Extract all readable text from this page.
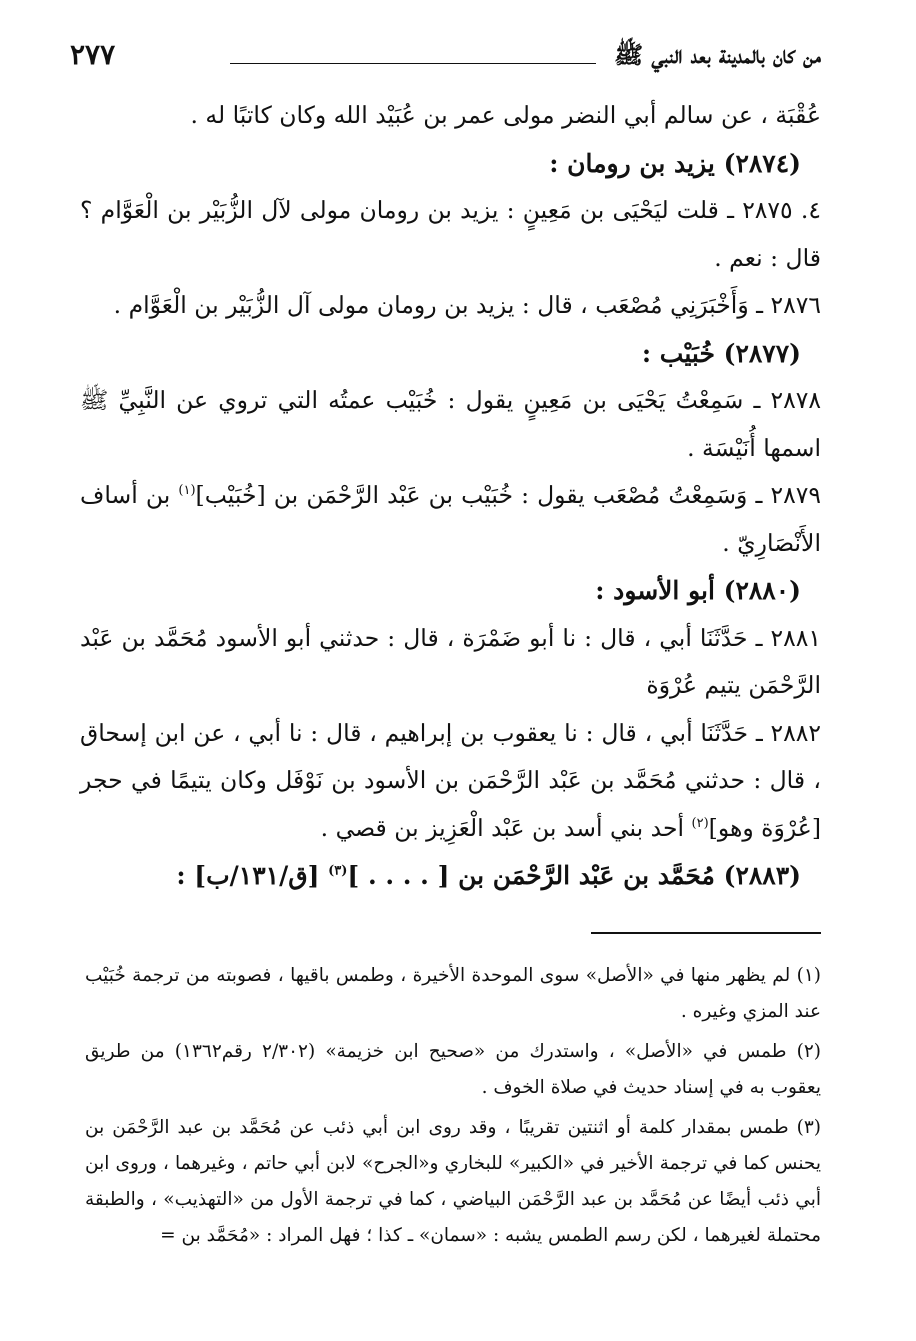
من كان بالمدينة بعد النبي ﷺ
٢٧٧

عُقْبَة ، عن سالم أبي النضر مولى عمر بن عُبَيْد الله وكان كاتبًا له .

(٢٨٧٤) يزيد بن رومان :

٤. ٢٨٧٥ ـ قلت ليَحْيَى بن مَعِينٍ : يزيد بن رومان مولى لآل الزُّبَيْر بن الْعَوَّام ؟ قال : نعم .

٢٨٧٦ ـ وَأَخْبَرَنِي مُصْعَب ، قال : يزيد بن رومان مولى آل الزُّبَيْر بن الْعَوَّام .

(٢٨٧٧) خُبَيْب :

٢٨٧٨ ـ سَمِعْتُ يَحْيَى بن مَعِينٍ يقول : خُبَيْب عمتُه التي تروي عن النَّبِيِّ ﷺ اسمها أُنَيْسَة .

٢٨٧٩ ـ وَسَمِعْتُ مُصْعَب يقول : خُبَيْب بن عَبْد الرَّحْمَن بن [خُبَيْب]$^{(١)}$ بن أساف الأَنْصَارِيّ .

(٢٨٨٠) أبو الأسود :

٢٨٨١ ـ حَدَّثَنَا أبي ، قال : نا أبو ضَمْرَة ، قال : حدثني أبو الأسود مُحَمَّد بن عَبْد الرَّحْمَن يتيم عُرْوَة

٢٨٨٢ ـ حَدَّثَنَا أبي ، قال : نا يعقوب بن إبراهيم ، قال : نا أبي ، عن ابن إسحاق ، قال : حدثني مُحَمَّد بن عَبْد الرَّحْمَن بن الأسود بن نَوْفَل وكان يتيمًا في حجر [عُرْوَة وهو]$^{(٢)}$ أحد بني أسد بن عَبْد الْعَزِيز بن قصي .

(٢٨٨٣) مُحَمَّد بن عَبْد الرَّحْمَن بن [ . . . . ]$^{(٣)}$ [ق/١٣١/ب] :

(١) لم يظهر منها في «الأصل» سوى الموحدة الأخيرة ، وطمس باقيها ، فصوبته من ترجمة خُبَيْب عند المزي وغيره .

(٢) طمس في «الأصل» ، واستدرك من «صحيح ابن خزيمة» (٢/٣٠٢ رقم١٣٦٢) من طريق يعقوب به في إسناد حديث في صلاة الخوف .

(٣) طمس بمقدار كلمة أو اثنتين تقريبًا ، وقد روى ابن أبي ذئب عن مُحَمَّد بن عبد الرَّحْمَن بن يحنس كما في ترجمة الأخير في «الكبير» للبخاري و«الجرح» لابن أبي حاتم ، وغيرهما ، وروى ابن أبي ذئب أيضًا عن مُحَمَّد بن عبد الرَّحْمَن البياضي ، كما في ترجمة الأول من «التهذيب» ، والطبقة محتملة لغيرهما ، لكن رسم الطمس يشبه : «سمان» ـ كذا ؛ فهل المراد : «مُحَمَّد بن =
